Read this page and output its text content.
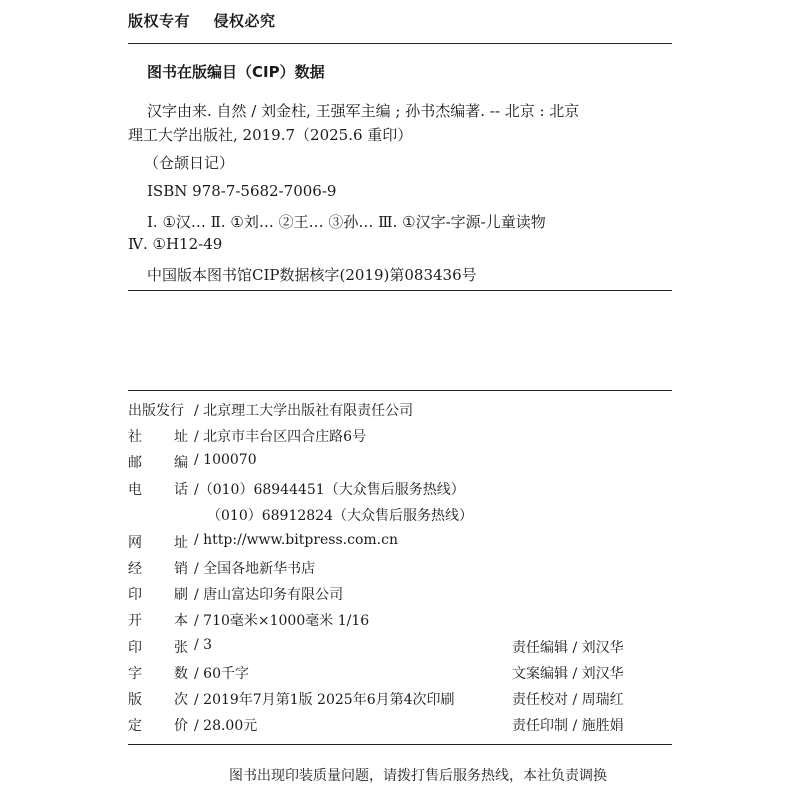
版权专有 侵权必究
图书在版编目（CIP）数据
汉字由来. 自然 / 刘金柱, 王强军主编 ; 孙书杰编著. -- 北京 : 北京
理工大学出版社, 2019.7（2025.6 重印）
（仓颉日记）
ISBN 978-7-5682-7006-9
Ⅰ. ①汉… Ⅱ. ①刘… ②王… ③孙… Ⅲ. ①汉字-字源-儿童读物
Ⅳ. ①H12-49
中国版本图书馆CIP数据核字(2019)第083436号
出版发行 / 北京理工大学出版社有限责任公司
社 址 / 北京市丰台区四合庄路6号
邮 编 / 100070
电 话 /（010）68944451（大众售后服务热线）
（010）68912824（大众售后服务热线）
网 址 / http://www.bitpress.com.cn
经 销 / 全国各地新华书店
印 刷 / 唐山富达印务有限公司
开 本 / 710毫米×1000毫米 1/16
印 张 / 3	责任编辑 / 刘汉华
字 数 / 60千字	文案编辑 / 刘汉华
版 次 / 2019年7月第1版 2025年6月第4次印刷	责任校对 / 周瑞红
定 价 / 28.00元	责任印制 / 施胜娟
图书出现印装质量问题，请拨打售后服务热线，本社负责调换
